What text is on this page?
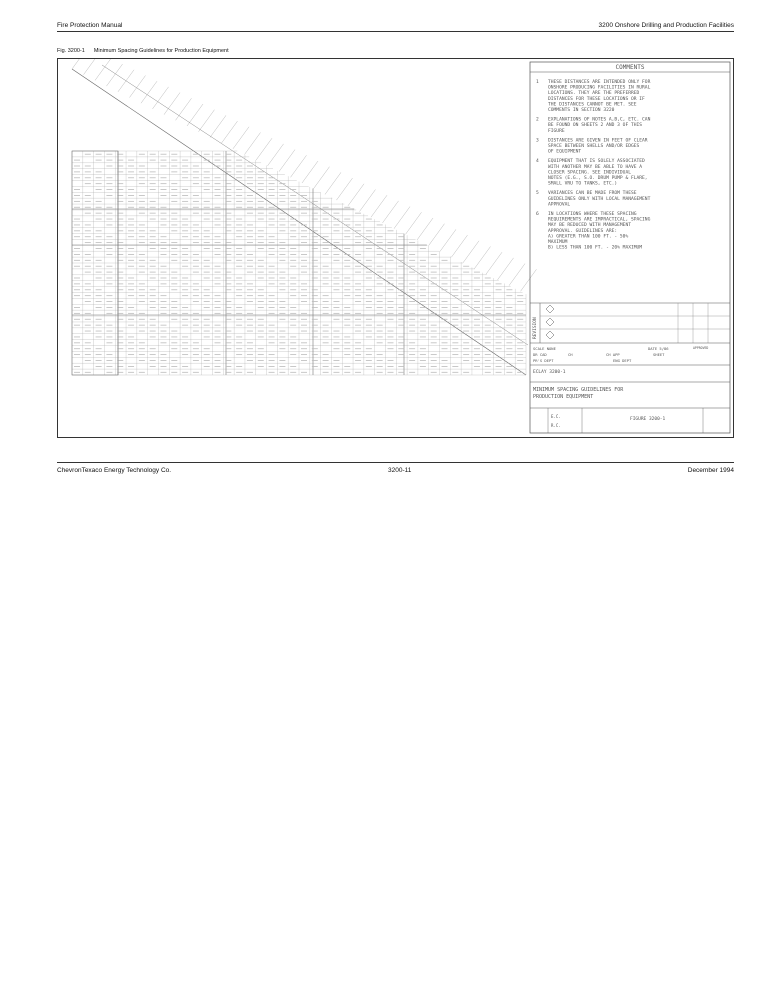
Fire Protection Manual	3200 Onshore Drilling and Production Facilities
Fig. 3200-1 Minimum Spacing Guidelines for Production Equipment
COMMENTS
1 THESE DISTANCES ARE INTENDED ONLY FOR
ONSHORE PRODUCING FACILITIES IN RURAL
LOCATIONS. THEY ARE THE PREFERRED
DISTANCES FOR THESE LOCATIONS OR IF
THE DISTANCES CANNOT BE MET. SEE
COMMENTS IN SECTION 3220
2 EXPLANATIONS OF NOTES A,B,C, ETC. CAN
BE FOUND ON SHEETS 2 AND 3 OF THIS
FIGURE
3 DISTANCES ARE GIVEN IN FEET OF CLEAR
SPACE BETWEEN SHELLS AND/OR EDGES
OF EQUIPMENT
4 EQUIPMENT THAT IS SOLELY ASSOCIATED
WITH ANOTHER MAY BE ABLE TO HAVE A
CLOSER SPACING. SEE INDIVIDUAL
NOTES (E.G., S.O. DRUM PUMP & FLARE,
SMALL VRU TO TANKS, ETC.)
5 VARIANCES CAN BE MADE FROM THESE
GUIDELINES ONLY WITH LOCAL MANAGEMENT
APPROVAL
6 IN LOCATIONS WHERE THESE SPACING
REQUIREMENTS ARE IMPRACTICAL, SPACING
MAY BE REDUCED WITH MANAGEMENT
APPROVAL. GUIDELINES ARE:
A) GREATER THAN 100 FT. - 50%
MAXIMUM
B) LESS THAN 100 FT. - 20% MAXIMUM
REVISION
SCALE NONE	DATE 5/86	APPROVED
DR CAD	CH	CH APP	SHEET
PR'S DEPT	ENG DEPT
ECLAY 3200-1
MINIMUM SPACING GUIDELINES FOR
PRODUCTION EQUIPMENT
E.C.
R.C.
FIGURE 3200-1
ChevronTexaco Energy Technology Co.	3200-11	December 1994
